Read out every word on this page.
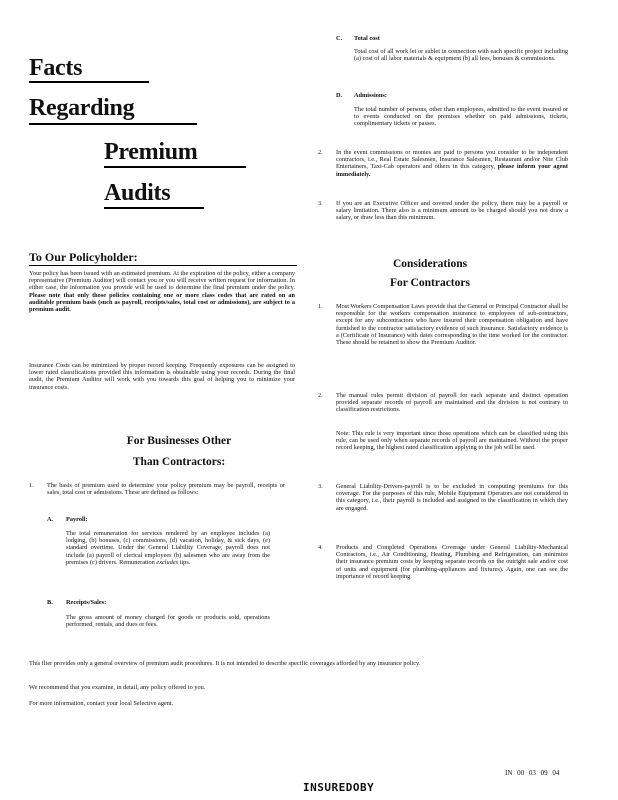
Facts
Regarding
Premium
Audits
To Our Policyholder:
Your policy has been issued with an estimated premium. At the expiration of the policy, either a company representative (Premium Auditor) will contact you or you will receive written request for information. In either case, the information you provide will be used to determine the final premium under the policy. Please note that only those policies containing one or more class codes that are rated on an auditable premium basis (such as payroll, receipts/sales, total cost or admissions), are subject to a premium audit.
Insurance Costs can be minimized by proper record keeping. Frequently exposures can be assigned to lower rated classifications provided this information is obtainable using your records. During the final audit, the Premium Auditor will work with you towards this goal of helping you to minimize your insurance costs.
For Businesses Other
Than Contractors:
1. The basis of premium used to determine your policy premium may be payroll, receipts or sales, total cost or admissions. These are defined as follows:
A. Payroll:
The total remuneration for services rendered by an employee includes (a) lodging, (b) bonuses, (c) commissions, (d) vacation, holiday, & sick days, (e) standard overtime. Under the General Liability Coverage, payroll does not include (a) payroll of clerical employees (b) salesmen who are away from the premises (c) drivers. Remuneration excludes tips.
B. Receipts/Sales:
The gross amount of money charged for goods or products sold, operations performed, rentals, and dues or fees.
C. Total cost
Total cost of all work let or sublet in connection with each specific project including (a) cost of all labor materials & equipment (b) all fees, bonuses & commissions.
D. Admissions:
The total number of persons, other than employees, admitted to the event insured or to events conducted on the premises whether on paid admissions, tickets, complimentary tickets or passes.
2. In the event commissions or monies are paid to persons you consider to be independent contractors, i.e., Real Estate Salesmen, Insurance Salesmen, Restaurant and/or Nite Club Entertainers, Taxi-Cab operators and others in this category, please inform your agent immediately.
3. If you are an Executive Officer and covered under the policy, there may be a payroll or salary limitation. There also is a minimum amount to be charged should you not draw a salary, or draw less than this minimum.
Considerations
For Contractors
1. Most Workers Compensation Laws provide that the General or Principal Contractor shall be responsible for the workers compensation insurance to employees of sub-contractors, except for any subcontractors who have insured their compensation obligation and have furnished to the contractor satisfactory evidence of such insurance. Satisfactory evidence is a (Certificate of Insurance) with dates corresponding to the time worked for the contractor. These should be retained to show the Premium Auditor.
2. The manual rules permit division of payroll for each separate and distinct operation provided separate records of payroll are maintained and the division is not contrary to classification restrictions.
Note: This rule is very important since those operations which can be classified using this rule, can be used only when separate records of payroll are maintained. Without the proper record keeping, the highest rated classification applying to the job will be used.
3. General Liability-Drivers-payroll is to be excluded in computing premiums for this coverage. For the purposes of this rule, Mobile Equipment Operators are not considered in this category, i.e., their payroll is included and assigned to the classification in which they are engaged.
4. Products and Completed Operations Coverage under General Liability-Mechanical Contractors, i.e., Air Conditioning, Heating, Plumbing and Refrigeration, can minimize their insurance premium costs by keeping separate records on the outright sale and/or cost of units and equipment (for plumbing-appliances and fixtures). Again, one can see the importance of record keeping.
This flier provides only a general overview of premium audit procedures. It is not intended to describe specific coverages afforded by any insurance policy.
We recommend that you examine, in detail, any policy offered to you.
For more information, contact your local Selective agent.
IN 00 03 09 04
INSUREDOBY
